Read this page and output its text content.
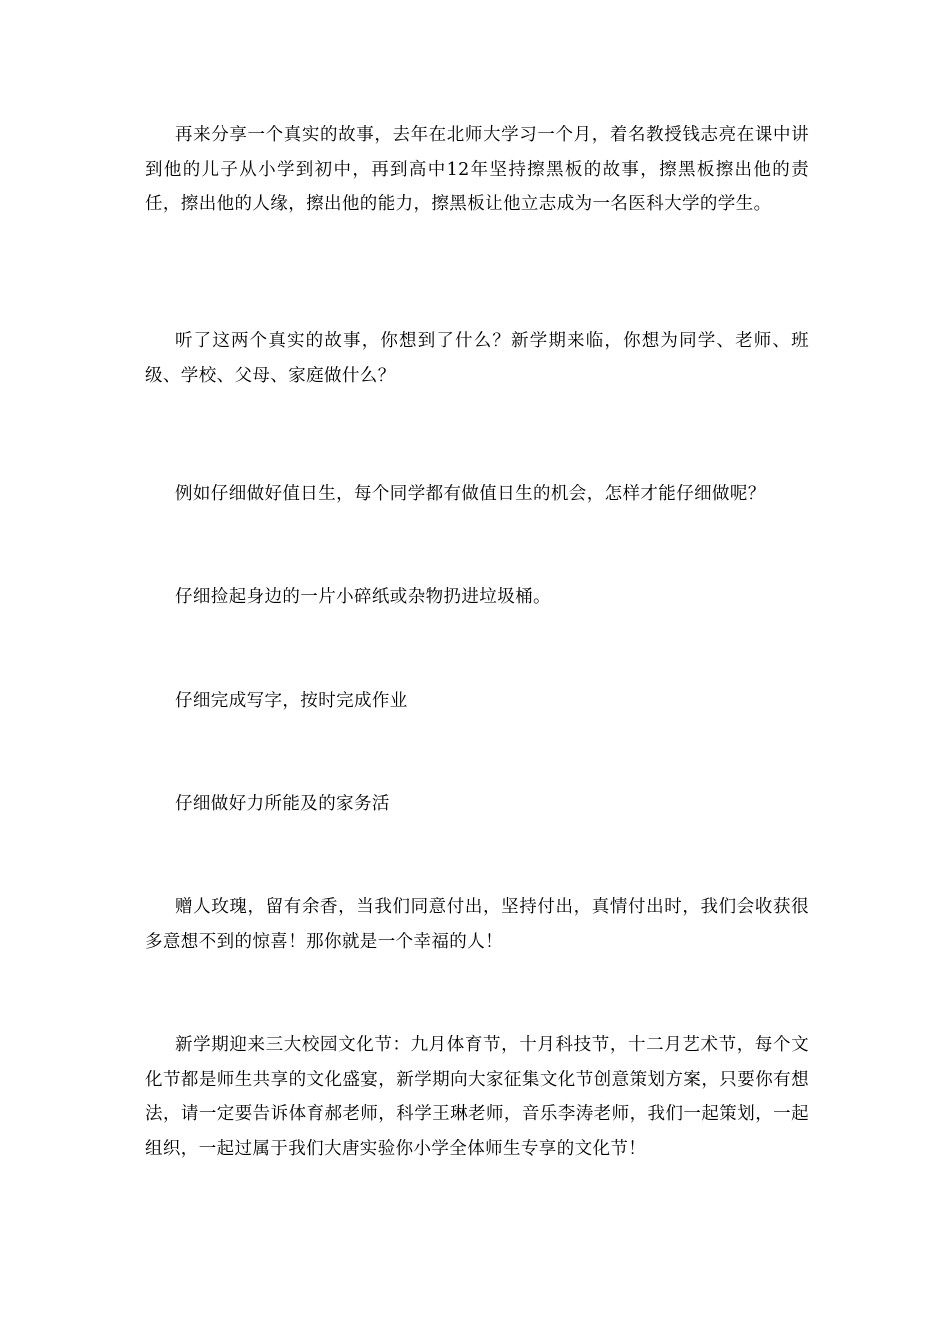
再来分享一个真实的故事，去年在北师大学习一个月，着名教授钱志亮在课中讲到他的儿子从小学到初中，再到高中12年坚持擦黑板的故事，擦黑板擦出他的责任，擦出他的人缘，擦出他的能力，擦黑板让他立志成为一名医科大学的学生。

听了这两个真实的故事，你想到了什么？新学期来临，你想为同学、老师、班级、学校、父母、家庭做什么？

例如仔细做好值日生，每个同学都有做值日生的机会，怎样才能仔细做呢？

仔细捡起身边的一片小碎纸或杂物扔进垃圾桶。

仔细完成写字，按时完成作业

仔细做好力所能及的家务活

赠人玫瑰，留有余香，当我们同意付出，坚持付出，真情付出时，我们会收获很多意想不到的惊喜！那你就是一个幸福的人！

新学期迎来三大校园文化节：九月体育节，十月科技节，十二月艺术节，每个文化节都是师生共享的文化盛宴，新学期向大家征集文化节创意策划方案，只要你有想法，请一定要告诉体育郝老师，科学王琳老师，音乐李涛老师，我们一起策划，一起组织，一起过属于我们大唐实验你小学全体师生专享的文化节！
